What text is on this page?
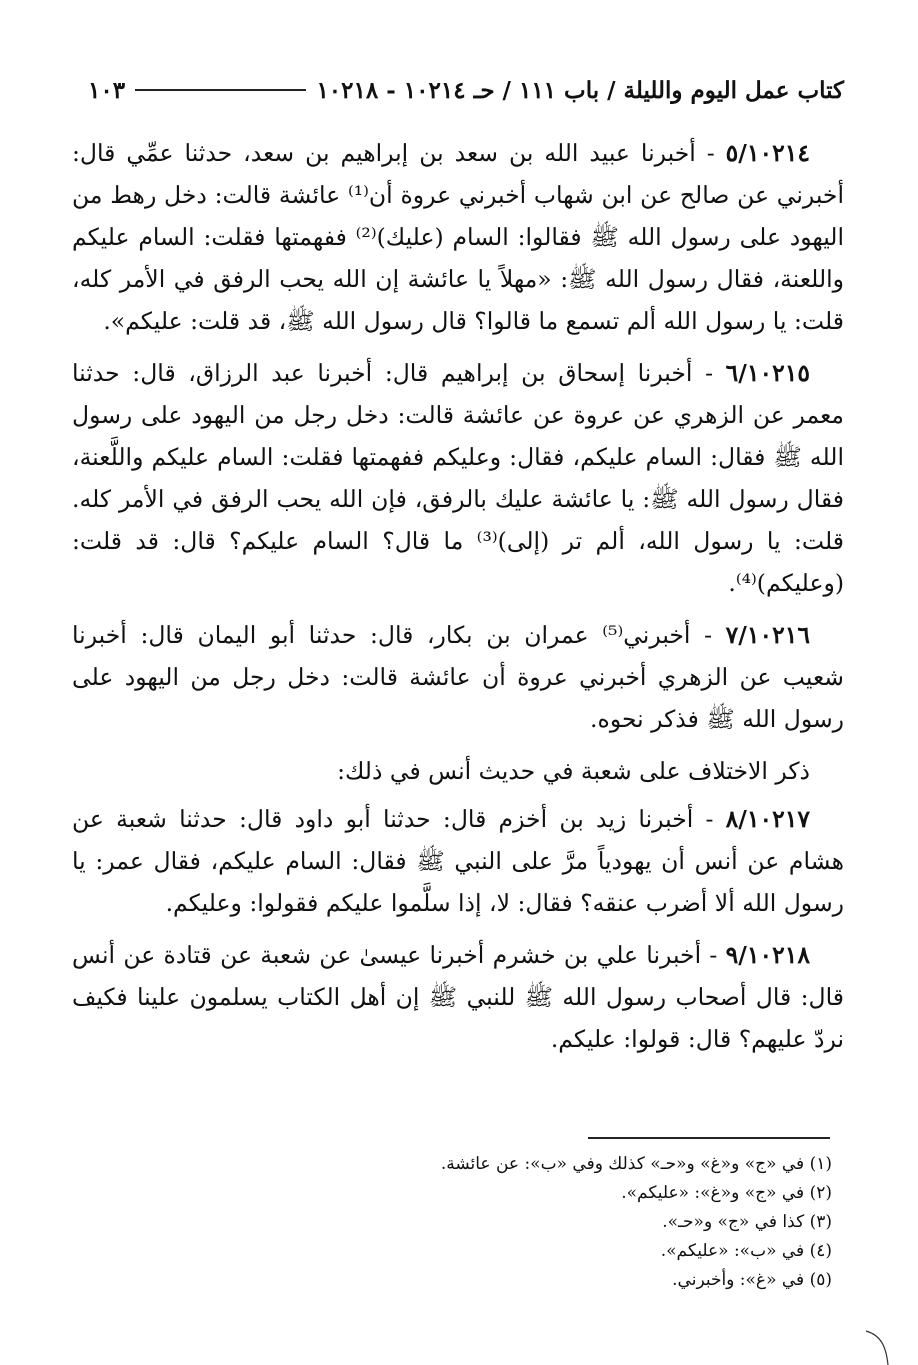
كتاب عمل اليوم والليلة / باب ١١١ / حـ ١٠٢١٤ - ١٠٢١٨
١٠٣

٥/١٠٢١٤ - أخبرنا عبيد الله بن سعد بن إبراهيم بن سعد، حدثنا عمِّي قال: أخبرني عن صالح عن ابن شهاب أخبرني عروة أن⁽¹⁾ عائشة قالت: دخل رهط من اليهود على رسول الله ﷺ فقالوا: السام (عليك)⁽²⁾ ففهمتها فقلت: السام عليكم واللعنة، فقال رسول الله ﷺ: «مهلاً يا عائشة إن الله يحب الرفق في الأمر كله، قلت: يا رسول الله ألم تسمع ما قالوا؟ قال رسول الله ﷺ، قد قلت: عليكم».

٦/١٠٢١٥ - أخبرنا إسحاق بن إبراهيم قال: أخبرنا عبد الرزاق، قال: حدثنا معمر عن الزهري عن عروة عن عائشة قالت: دخل رجل من اليهود على رسول الله ﷺ فقال: السام عليكم، فقال: وعليكم ففهمتها فقلت: السام عليكم واللَّعنة، فقال رسول الله ﷺ: يا عائشة عليك بالرفق، فإن الله يحب الرفق في الأمر كله. قلت: يا رسول الله، ألم تر (إلى)⁽³⁾ ما قال؟ السام عليكم؟ قال: قد قلت: (وعليكم)⁽⁴⁾.

٧/١٠٢١٦ - أخبرني⁽⁵⁾ عمران بن بكار، قال: حدثنا أبو اليمان قال: أخبرنا شعيب عن الزهري أخبرني عروة أن عائشة قالت: دخل رجل من اليهود على رسول الله ﷺ فذكر نحوه.

ذكر الاختلاف على شعبة في حديث أنس في ذلك:

٨/١٠٢١٧ - أخبرنا زيد بن أخزم قال: حدثنا أبو داود قال: حدثنا شعبة عن هشام عن أنس أن يهودياً مرَّ على النبي ﷺ فقال: السام عليكم، فقال عمر: يا رسول الله ألا أضرب عنقه؟ فقال: لا، إذا سلَّموا عليكم فقولوا: وعليكم.

٩/١٠٢١٨ - أخبرنا علي بن خشرم أخبرنا عيسىٰ عن شعبة عن قتادة عن أنس قال: قال أصحاب رسول الله ﷺ للنبي ﷺ إن أهل الكتاب يسلمون علينا فكيف نردّ عليهم؟ قال: قولوا: عليكم.

(١) في «ج» و«غ» و«حـ» كذلك وفي «ب»: عن عائشة.

(٢) في «ج» و«غ»: «عليكم».

(٣) كذا في «ج» و«حـ».

(٤) في «ب»: «عليكم».

(٥) في «غ»: وأخبرني.
